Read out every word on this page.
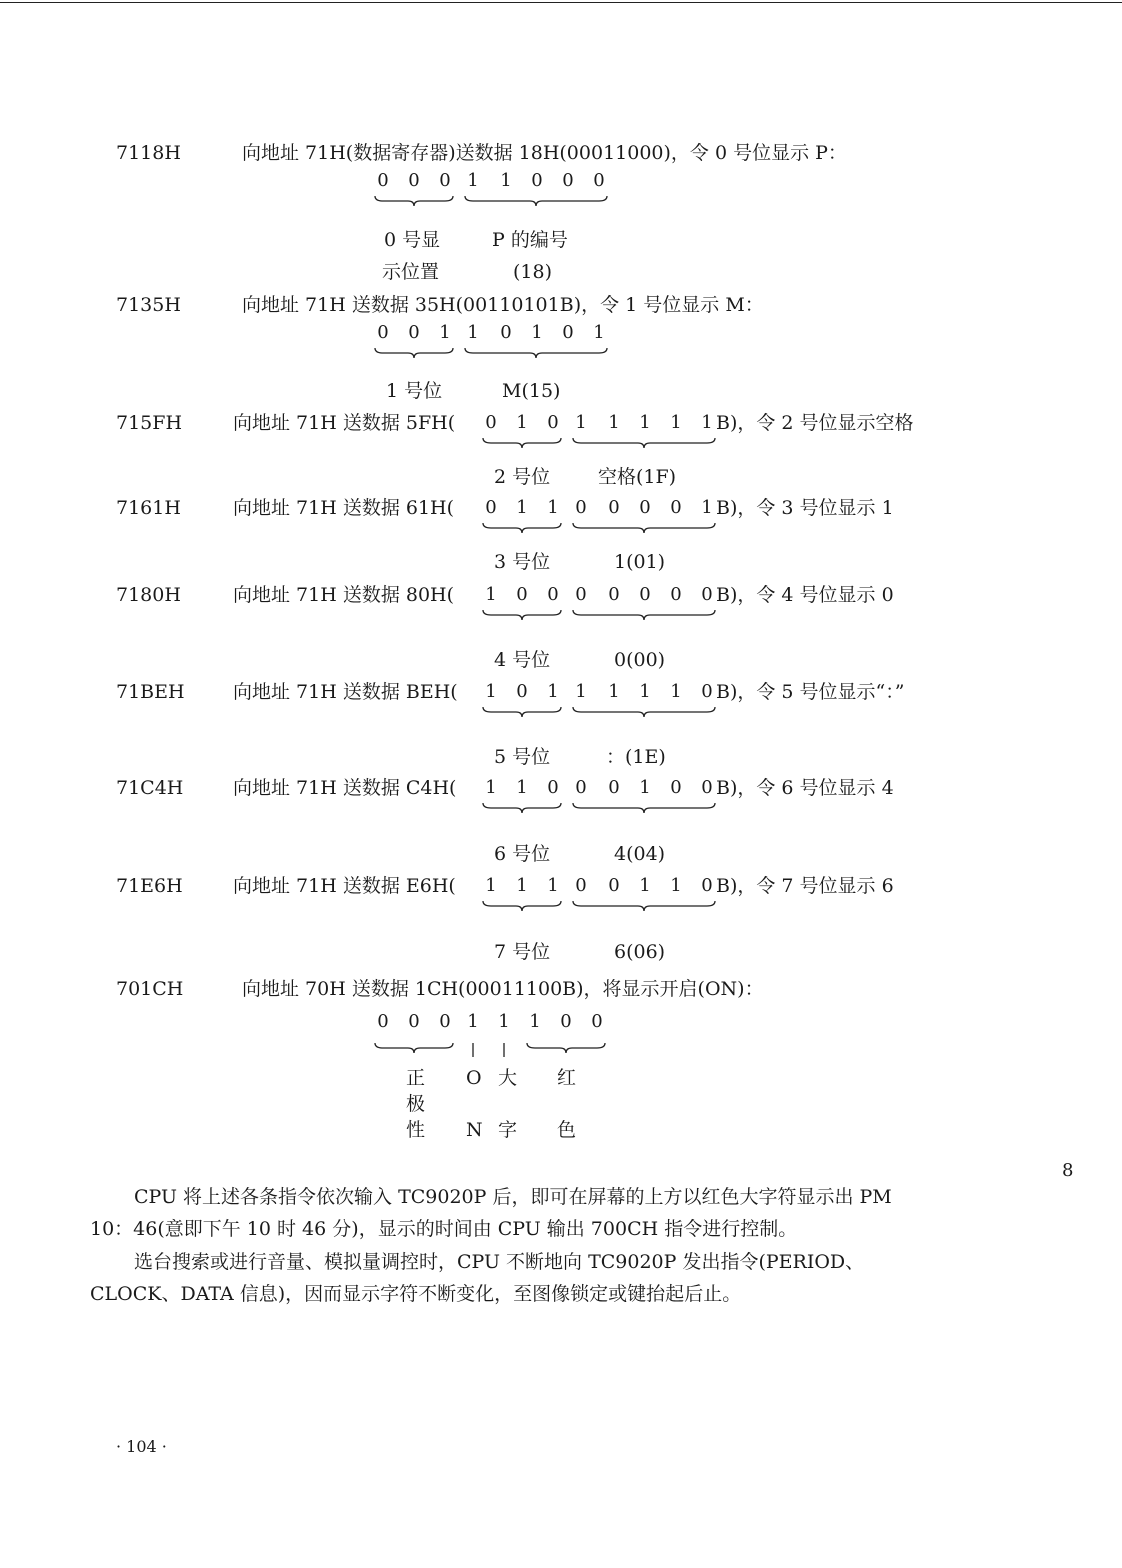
7118H	向地址 71H(数据寄存器)送数据 18H(00011000)，令 0 号位显示 P：
0 号显	P 的编号
示位置	(18)
7135H	向地址 71H 送数据 35H(00110101B)，令 1 号位显示 M：
1 号位	M(15)
715FH	向地址 71H 送数据 5FH(	B)，令 2 号位显示空格
2 号位	空格(1F)
7161H	向地址 71H 送数据 61H(	B)，令 3 号位显示 1
3 号位	1(01)
7180H	向地址 71H 送数据 80H(	B)，令 4 号位显示 0
4 号位	0(00)
71BEH	向地址 71H 送数据 BEH(	B)，令 5 号位显示“：”
5 号位	：(1E)
71C4H	向地址 71H 送数据 C4H(	B)，令 6 号位显示 4
6 号位	4(04)
71E6H	向地址 71H 送数据 E6H(	B)，令 7 号位显示 6
7 号位	6(06)
701CH	向地址 70H 送数据 1CH(00011100B)，将显示开启(ON)：
正
极
性
O
N
大
字
红
色
CPU 将上述各条指令依次输入 TC9020P 后，即可在屏幕的上方以红色大字符显示出 PM
10：46(意即下午 10 时 46 分)，显示的时间由 CPU 输出 700CH 指令进行控制。
选台搜索或进行音量、模拟量调控时，CPU 不断地向 TC9020P 发出指令(PERIOD、
CLOCK、DATA 信息)，因而显示字符不断变化，至图像锁定或键抬起后止。
· 104 ·
8
0 0 0 1 1 0 0 0
0 0 1 1 0 1 0 1
0 1 0 1 1 1 1 1
0 1 1 0 0 0 0 1
1 0 0 0 0 0 0 0
1 0 1 1 1 1 1 0
1 1 0 0 0 1 0 0
1 1 1 0 0 1 1 0
0 0 0 1 1 1 0 0
